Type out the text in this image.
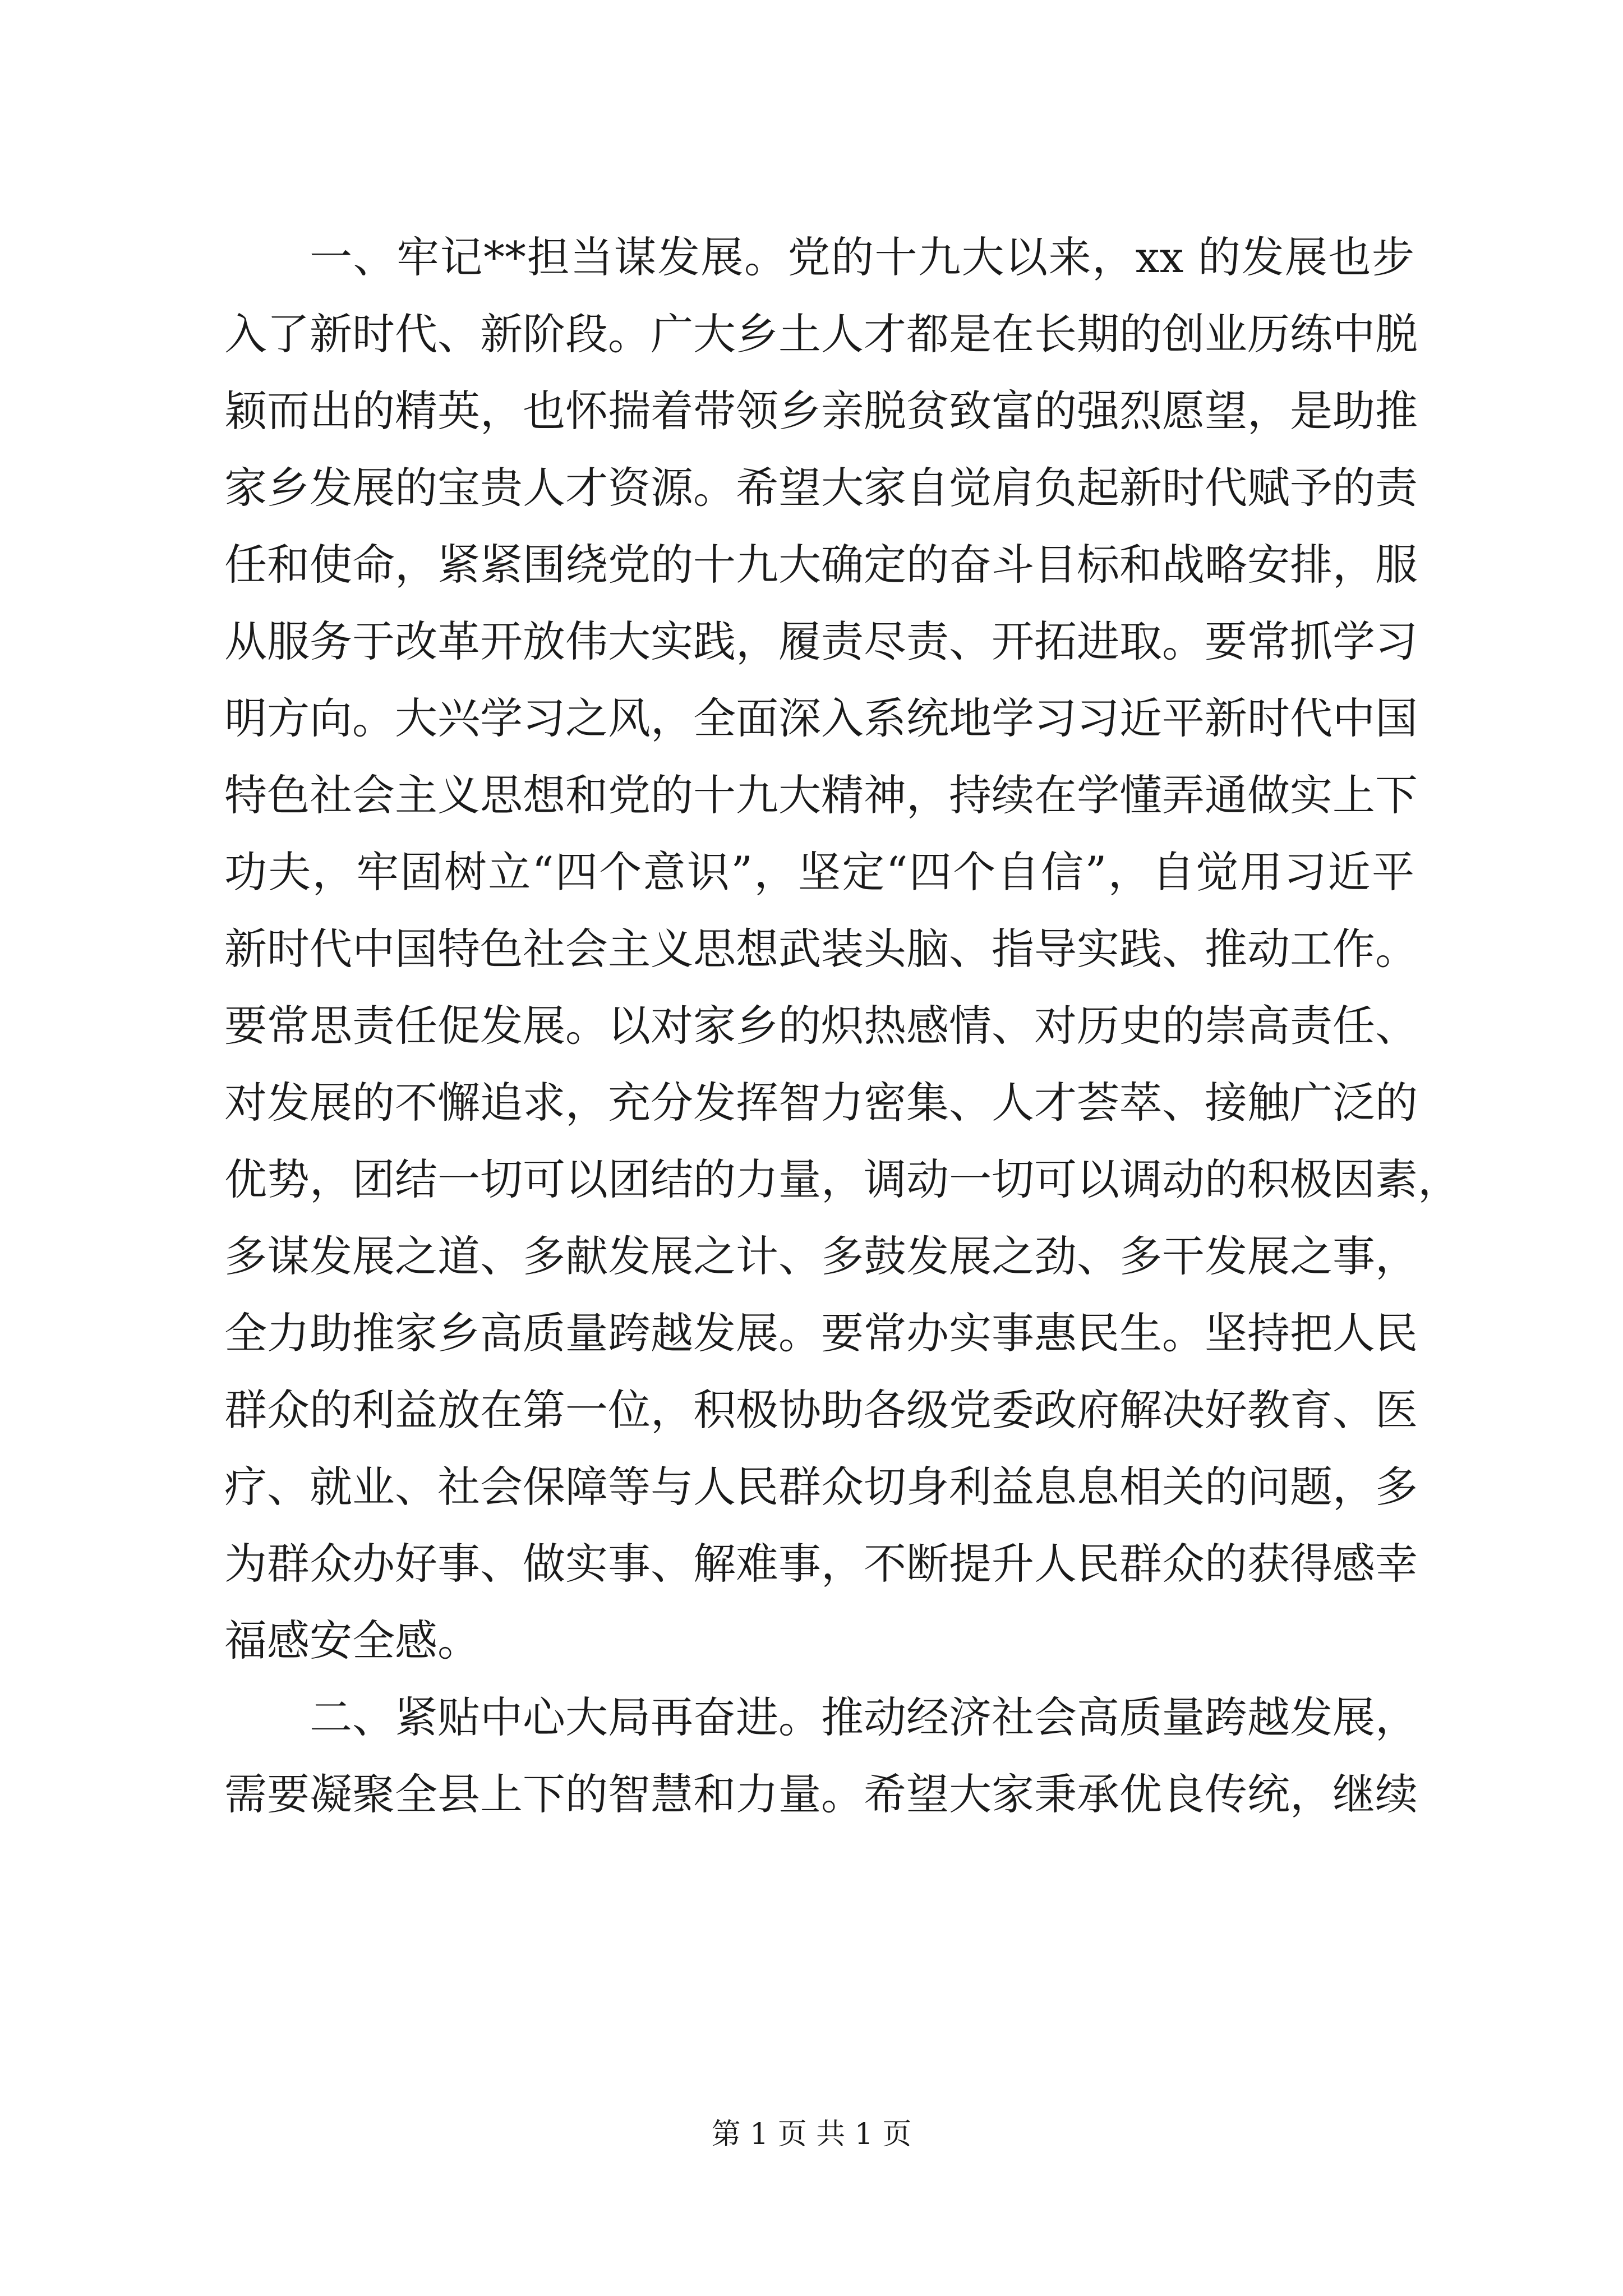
一、牢记**担当谋发展。党的十九大以来，xx 的发展也步
入了新时代、新阶段。广大乡土人才都是在长期的创业历练中脱
颖而出的精英，也怀揣着带领乡亲脱贫致富的强烈愿望，是助推
家乡发展的宝贵人才资源。希望大家自觉肩负起新时代赋予的责
任和使命，紧紧围绕党的十九大确定的奋斗目标和战略安排，服
从服务于改革开放伟大实践，履责尽责、开拓进取。要常抓学习
明方向。大兴学习之风，全面深入系统地学习习近平新时代中国
特色社会主义思想和党的十九大精神，持续在学懂弄通做实上下
功夫，牢固树立“四个意识”，坚定“四个自信”，自觉用习近平
新时代中国特色社会主义思想武装头脑、指导实践、推动工作。
要常思责任促发展。以对家乡的炽热感情、对历史的崇高责任、
对发展的不懈追求，充分发挥智力密集、人才荟萃、接触广泛的
优势，团结一切可以团结的力量，调动一切可以调动的积极因素，
多谋发展之道、多献发展之计、多鼓发展之劲、多干发展之事，
全力助推家乡高质量跨越发展。要常办实事惠民生。坚持把人民
群众的利益放在第一位，积极协助各级党委政府解决好教育、医
疗、就业、社会保障等与人民群众切身利益息息相关的问题，多
为群众办好事、做实事、解难事，不断提升人民群众的获得感幸
福感安全感。
二、紧贴中心大局再奋进。推动经济社会高质量跨越发展，
需要凝聚全县上下的智慧和力量。希望大家秉承优良传统，继续
第 1 页 共 1 页
